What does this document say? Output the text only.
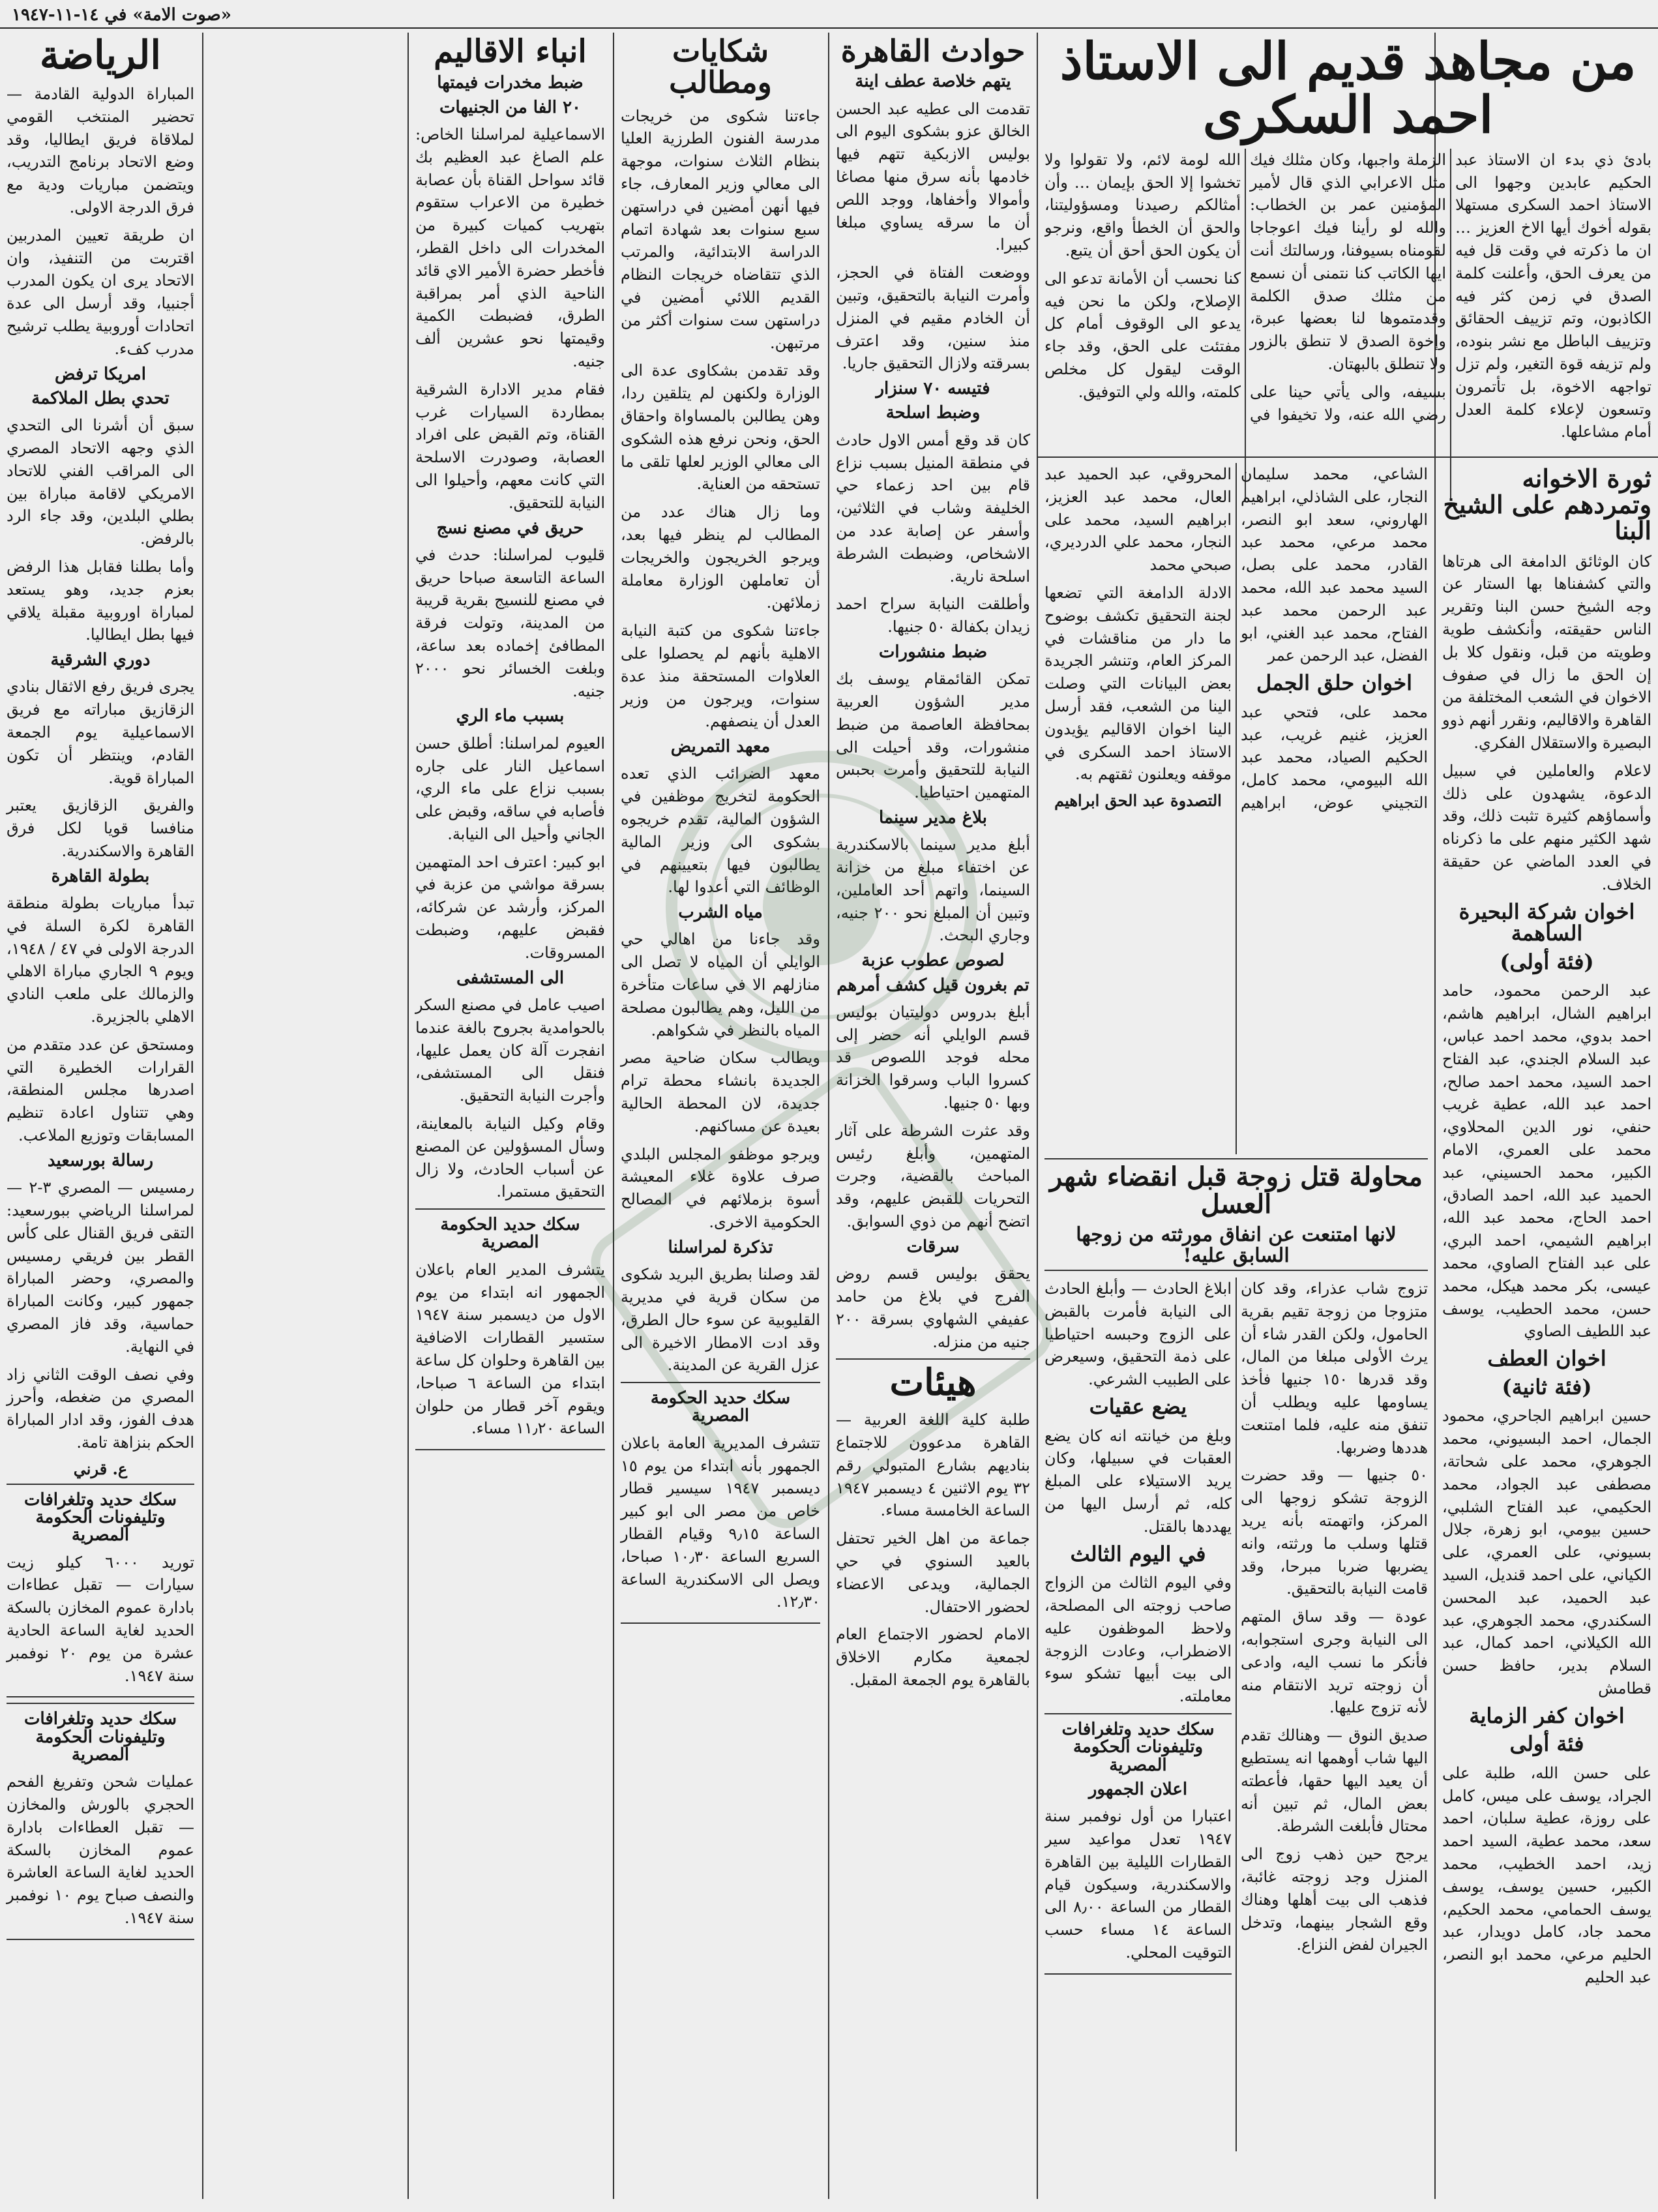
«صوت الامة» في ١٤-١١-١٩٤٧
من مجاهد قديم الى الاستاذ احمد السكرى

بادئ ذي بدء ان الاستاذ عبد الحكيم عابدين وجهوا الى الاستاذ احمد السكرى مستهلا بقوله أخوك أيها الاخ العزيز … ان ما ذكرته في وقت قل فيه من يعرف الحق، وأعلنت كلمة الصدق في زمن كثر فيه الكاذبون، وتم تزييف الحقائق وتزييف الباطل مع نشر بنوده، ولم تزيفه قوة التغير، ولم تزل تواجهه الاخوة، بل تأتمرون وتسعون لإعلاء كلمة العدل أمام مشاعلها.

الزملة واجبها، وكان مثلك فيك مثل الاعرابي الذي قال لأمير المؤمنين عمر بن الخطاب: والله لو رأينا فيك اعوجاجا لقومناه بسيوفنا، ورسالتك أنت ايها الكاتب كنا نتمنى أن نسمع من مثلك صدق الكلمة وقدمتموها لنا بعضها عبرة، وإخوة الصدق لا تنطق بالزور ولا تنطلق بالبهتان.

بسيفه، والى يأتي حينا على رضي الله عنه، ولا تخيفوا في الله لومة لائم، ولا تقولوا ولا تخشوا إلا الحق بإيمان … وأن أمثالكم رصيدنا ومسؤوليتنا، والحق أن الخطأ واقع، ونرجو أن يكون الحق أحق أن يتبع.

كنا نحسب أن الأمانة تدعو الى الإصلاح، ولكن ما نحن فيه يدعو الى الوقوف أمام كل مفتئت على الحق، وقد جاء الوقت ليقول كل مخلص كلمته، والله ولي التوفيق.

ثورة الاخوانه وتمردهم على الشيخ البنا

كان الوثائق الدامغة الى هرتاها والتي كشفناها بها الستار عن وجه الشيخ حسن البنا وتقرير الناس حقيقته، وأنكشف طوية وطويته من قبل، ونقول كلا بل إن الحق ما زال في صفوف الاخوان في الشعب المختلفة من القاهرة والاقاليم، ونقرر أنهم ذوو البصيرة والاستقلال الفكري.

لاعلام والعاملين في سبيل الدعوة، يشهدون على ذلك وأسماؤهم كثيرة تثبت ذلك، وقد شهد الكثير منهم على ما ذكرناه في العدد الماضي عن حقيقة الخلاف.

اخوان شركة البحيرة الساهمة
(فئة أولى)

عبد الرحمن محمود، حامد ابراهيم الشال، ابراهيم هاشم، احمد بدوي، محمد احمد عباس، عبد السلام الجندي، عبد الفتاح احمد السيد، محمد احمد صالح، احمد عبد الله، عطية غريب حنفي، نور الدين المحلاوي، محمد على العمري، الامام الكبير، محمد الحسيني، عبد الحميد عبد الله، احمد الصادق، احمد الحاج، محمد عبد الله، ابراهيم الشيمي، احمد البري، على عبد الفتاح الصاوي، محمد عيسى، بكر محمد هيكل، محمد حسن، محمد الحطيب، يوسف عبد اللطيف الصاوي

اخوان العطف
(فئة ثانية)

حسين ابراهيم الجاحري، محمود الجمال، احمد البسيوني، محمد الجوهري، محمد على شحاتة، مصطفى عبد الجواد، محمد الحكيمي، عبد الفتاح الشلبي، حسين بيومي، ابو زهرة، جلال بسيوني، على العمري، على الكياني، على احمد قنديل، السيد عبد الحميد، عبد المحسن السكندري، محمد الجوهري، عبد الله الكيلاني، احمد كمال، عبد السلام بدير، حافظ حسن قطامش

اخوان كفر الزماية
فئة أولى

على حسن الله، طلبة على الجراد، يوسف على ميس، كامل على روزة، عطية سلبان، احمد سعد، محمد عطية، السيد احمد زيد، احمد الخطيب، محمد الكبير، حسين يوسف، يوسف يوسف الحمامي، محمد الحكيم، محمد جاد، كامل دويدار، عبد الحليم مرعي، محمد ابو النصر، عبد الحليم

الشاعي، محمد سليمان النجار، على الشاذلي، ابراهيم الهاروني، سعد ابو النصر، محمد مرعي، محمد عبد القادر، محمد على بصل، السيد محمد عبد الله، محمد عبد الرحمن محمد عبد الفتاح، محمد عبد الغني، ابو الفضل، عبد الرحمن عمر

اخوان حلق الجمل

محمد على، فتحي عبد العزيز، غنيم غريب، عبد الحكيم الصياد، محمد عبد الله البيومي، محمد كامل، التجيني عوض، ابراهيم المحروقي، عبد الحميد عبد العال، محمد عبد العزيز، ابراهيم السيد، محمد على النجار، محمد علي الدرديري، صبحي محمد

الادلة الدامغة التي تضعها لجنة التحقيق تكشف بوضوح ما دار من مناقشات في المركز العام، وتنشر الجريدة بعض البيانات التي وصلت الينا من الشعب، فقد أرسل الينا اخوان الاقاليم يؤيدون الاستاذ احمد السكرى في موقفه ويعلنون ثقتهم به.

التصدوة عبد الحق ابراهيم
محاولة قتل زوجة قبل انقضاء شهر العسل
لانها امتنعت عن انفاق مورثته من زوجها السابق عليه!

تزوج شاب عذراء، وقد كان متزوجا من زوجة تقيم بقرية الحامول، ولكن القدر شاء أن يرث الأولى مبلغا من المال، وقد قدرها ١٥٠ جنيها فأخذ يساومها عليه ويطلب أن تنفق منه عليه، فلما امتنعت هددها وضربها.

٥٠ جنيها — وقد حضرت الزوجة تشكو زوجها الى المركز، واتهمته بأنه يريد قتلها وسلب ما ورثته، وانه يضربها ضربا مبرحا، وقد قامت النيابة بالتحقيق.

عودة — وقد ساق المتهم الى النيابة وجرى استجوابه، فأنكر ما نسب اليه، وادعى أن زوجته تريد الانتقام منه لأنه تزوج عليها.

صديق النوق — وهنالك تقدم اليها شاب أوهمها انه يستطيع أن يعيد اليها حقها، فأعطته بعض المال، ثم تبين أنه محتال فأبلغت الشرطة.

يرجح حين ذهب زوج الى المنزل وجد زوجته غائبة، فذهب الى بيت أهلها وهناك وقع الشجار بينهما، وتدخل الجيران لفض النزاع.

ابلاغ الحادث — وأبلغ الحادث الى النيابة فأمرت بالقبض على الزوج وحبسه احتياطيا على ذمة التحقيق، وسيعرض على الطبيب الشرعي.

يضع عقيات

وبلغ من خيانته انه كان يضع العقبات في سبيلها، وكان يريد الاستيلاء على المبلغ كله، ثم أرسل اليها من يهددها بالقتل.

في اليوم الثالث

وفي اليوم الثالث من الزواج صاحب زوجته الى المصلحة، ولاحظ الموظفون عليه الاضطراب، وعادت الزوجة الى بيت أبيها تشكو سوء معاملته.

سكك حديد وتلغرافات وتليفونات الحكومة المصرية
اعلان الجمهور

اعتبارا من أول نوفمبر سنة ١٩٤٧ تعدل مواعيد سير القطارات الليلية بين القاهرة والاسكندرية، وسيكون قيام القطار من الساعة ٨٫٠٠ الى الساعة ١٤ مساء حسب التوقيت المحلي.

حوادث القاهرة
يتهم خلاصة عطف اينة

تقدمت الى عطيه عبد الحسن الخالق عزو بشكوى اليوم الى بوليس الازبكية تتهم فيها خادمها بأنه سرق منها مصاغا وأموالا وأخفاها، ووجد اللص أن ما سرقه يساوي مبلغا كبيرا.

ووضعت الفتاة في الحجز، وأمرت النيابة بالتحقيق، وتبين أن الخادم مقيم في المنزل منذ سنين، وقد اعترف بسرقته ولازال التحقيق جاريا.

فتيسه ٧٠ سنزار
وضبط اسلحة

كان قد وقع أمس الاول حادث في منطقة المنيل بسبب نزاع قام بين احد زعماء حي الخليفة وشاب في الثلاثين، وأسفر عن إصابة عدد من الاشخاص، وضبطت الشرطة اسلحة نارية.

وأطلقت النيابة سراح احمد زيدان بكفالة ٥٠ جنيها.

ضبط منشورات

تمكن القائمقام يوسف بك مدير الشؤون العربية بمحافظة العاصمة من ضبط منشورات، وقد أحيلت الى النيابة للتحقيق وأمرت بحبس المتهمين احتياطيا.

بلاغ مدير سينما

أبلغ مدير سينما بالاسكندرية عن اختفاء مبلغ من خزانة السينما، واتهم أحد العاملين، وتبين أن المبلغ نحو ٢٠٠ جنيه، وجاري البحث.

لصوص عطوب عزبة
تم بغرون قيل كشف أمرهم

أبلغ بدروس دوليتيان بوليس قسم الوايلي أنه حضر إلى محله فوجد اللصوص قد كسروا الباب وسرقوا الخزانة وبها ٥٠ جنيها.

وقد عثرت الشرطة على آثار المتهمين، وأبلغ رئيس المباحث بالقضية، وجرت التحريات للقبض عليهم، وقد اتضح أنهم من ذوي السوابق.

سرقات

يحقق بوليس قسم روض الفرج في بلاغ من حامد عفيفي الشهاوي بسرقة ٢٠٠ جنيه من منزله.

هيئات

طلبة كلية اللغة العربية — القاهرة مدعوون للاجتماع بناديهم بشارع المتبولي رقم ٣٢ يوم الاثنين ٤ ديسمبر ١٩٤٧ الساعة الخامسة مساء.

جماعة من اهل الخير تحتفل بالعيد السنوي في حي الجمالية، ويدعى الاعضاء لحضور الاحتفال.

الامام لحضور الاجتماع العام لجمعية مكارم الاخلاق بالقاهرة يوم الجمعة المقبل.

شكايات ومطالب

جاءتنا شكوى من خريجات مدرسة الفنون الطرزية العليا بنظام الثلاث سنوات، موجهة الى معالي وزير المعارف، جاء فيها أنهن أمضين في دراستهن سبع سنوات بعد شهادة اتمام الدراسة الابتدائية، والمرتب الذي تتقاضاه خريجات النظام القديم اللائي أمضين في دراستهن ست سنوات أكثر من مرتبهن.

وقد تقدمن بشكاوى عدة الى الوزارة ولكنهن لم يتلقين ردا، وهن يطالبن بالمساواة واحقاق الحق، ونحن نرفع هذه الشكوى الى معالي الوزير لعلها تلقى ما تستحقه من العناية.

وما زال هناك عدد من المطالب لم ينظر فيها بعد، ويرجو الخريجون والخريجات أن تعاملهن الوزارة معاملة زملائهن.

جاءتنا شكوى من كتبة النيابة الاهلية بأنهم لم يحصلوا على العلاوات المستحقة منذ عدة سنوات، ويرجون من وزير العدل أن ينصفهم.

معهد التمريض

معهد الضرائب الذي تعده الحكومة لتخريج موظفين في الشؤون المالية، تقدم خريجوه بشكوى الى وزير المالية يطالبون فيها بتعيينهم في الوظائف التي أعدوا لها.

مياه الشرب

وقد جاءنا من اهالي حي الوايلي أن المياه لا تصل الى منازلهم الا في ساعات متأخرة من الليل، وهم يطالبون مصلحة المياه بالنظر في شكواهم.

ويطالب سكان ضاحية مصر الجديدة بانشاء محطة ترام جديدة، لان المحطة الحالية بعيدة عن مساكنهم.

ويرجو موظفو المجلس البلدي صرف علاوة غلاء المعيشة أسوة بزملائهم في المصالح الحكومية الاخرى.

تذكرة لمراسلنا

لقد وصلنا بطريق البريد شكوى من سكان قرية في مديرية القليوبية عن سوء حال الطرق، وقد ادت الامطار الاخيرة الى عزل القرية عن المدينة.

سكك حديد الحكومة المصرية

تتشرف المديرية العامة باعلان الجمهور بأنه ابتداء من يوم ١٥ ديسمبر ١٩٤٧ سيسير قطار خاص من مصر الى ابو كبير الساعة ٩٫١٥ وقيام القطار السريع الساعة ١٠٫٣٠ صباحا، ويصل الى الاسكندرية الساعة ١٢٫٣٠.

انباء الاقاليم
ضبط مخدرات فيمتها
٢٠ الفا من الجنيهات

الاسماعيلية لمراسلنا الخاص: علم الصاغ عبد العظيم بك قائد سواحل القناة بأن عصابة خطيرة من الاعراب ستقوم بتهريب كميات كبيرة من المخدرات الى داخل القطر، فأخطر حضرة الأمير الاي قائد الناحية الذي أمر بمراقبة الطرق، فضبطت الكمية وقيمتها نحو عشرين ألف جنيه.

فقام مدير الادارة الشرقية بمطاردة السيارات غرب القناة، وتم القبض على افراد العصابة، وصودرت الاسلحة التي كانت معهم، وأحيلوا الى النيابة للتحقيق.

حريق في مصنع نسج

قليوب لمراسلنا: حدث في الساعة التاسعة صباحا حريق في مصنع للنسيج بقرية قريبة من المدينة، وتولت فرقة المطافئ إخماده بعد ساعة، وبلغت الخسائر نحو ٢٠٠٠ جنيه.

بسبب ماء الري

العيوم لمراسلنا: أطلق حسن اسماعيل النار على جاره بسبب نزاع على ماء الري، فأصابه في ساقه، وقبض على الجاني وأحيل الى النيابة.

ابو كبير: اعترف احد المتهمين بسرقة مواشي من عزبة في المركز، وأرشد عن شركائه، فقبض عليهم، وضبطت المسروقات.

الى المستشفى

اصيب عامل في مصنع السكر بالحوامدية بجروح بالغة عندما انفجرت آلة كان يعمل عليها، فنقل الى المستشفى، وأجرت النيابة التحقيق.

وقام وكيل النيابة بالمعاينة، وسأل المسؤولين عن المصنع عن أسباب الحادث، ولا زال التحقيق مستمرا.

سكك حديد الحكومة المصرية

يتشرف المدير العام باعلان الجمهور انه ابتداء من يوم الاول من ديسمبر سنة ١٩٤٧ ستسير القطارات الاضافية بين القاهرة وحلوان كل ساعة ابتداء من الساعة ٦ صباحا، ويقوم آخر قطار من حلوان الساعة ١١٫٢٠ مساء.

الرياضة

المباراة الدولية القادمة — تحضير المنتخب القومي لملاقاة فريق ايطاليا، وقد وضع الاتحاد برنامج التدريب، ويتضمن مباريات ودية مع فرق الدرجة الاولى.

ان طريقة تعيين المدربين اقتربت من التنفيذ، وان الاتحاد يرى ان يكون المدرب أجنبيا، وقد أرسل الى عدة اتحادات أوروبية يطلب ترشيح مدرب كفء.

امريكا ترفض
تحدي بطل الملاكمة

سبق أن أشرنا الى التحدي الذي وجهه الاتحاد المصري الى المراقب الفني للاتحاد الامريكي لاقامة مباراة بين بطلي البلدين، وقد جاء الرد بالرفض.

وأما بطلنا فقابل هذا الرفض بعزم جديد، وهو يستعد لمباراة اوروبية مقبلة يلاقي فيها بطل ايطاليا.

دوري الشرقية

يجرى فريق رفع الاثقال بنادي الزقازيق مباراته مع فريق الاسماعيلية يوم الجمعة القادم، وينتظر أن تكون المباراة قوية.

والفريق الزقازيق يعتبر منافسا قويا لكل فرق القاهرة والاسكندرية.

بطولة القاهرة

تبدأ مباريات بطولة منطقة القاهرة لكرة السلة في الدرجة الاولى في ٤٧ / ١٩٤٨، ويوم ٩ الجاري مباراة الاهلي والزمالك على ملعب النادي الاهلي بالجزيرة.

ومستحق عن عدد متقدم من القرارات الخطيرة التي اصدرها مجلس المنطقة، وهي تتناول اعادة تنظيم المسابقات وتوزيع الملاعب.

رسالة بورسعيد

رمسيس — المصري ٣-٢ — لمراسلنا الرياضي ببورسعيد: التقى فريق القنال على كأس القطر بين فريقي رمسيس والمصري، وحضر المباراة جمهور كبير، وكانت المباراة حماسية، وقد فاز المصري في النهاية.

وفي نصف الوقت الثاني زاد المصري من ضغطه، وأحرز هدف الفوز، وقد ادار المباراة الحكم بنزاهة تامة.

ع. قرني
سكك حديد وتلغرافات وتليفونات الحكومة المصرية

توريد ٦٠٠٠ كيلو زيت سيارات — تقبل عطاءات بادارة عموم المخازن بالسكة الحديد لغاية الساعة الحادية عشرة من يوم ٢٠ نوفمبر سنة ١٩٤٧.

سكك حديد وتلغرافات وتليفونات الحكومة المصرية

عمليات شحن وتفريغ الفحم الحجري بالورش والمخازن — تقبل العطاءات بادارة عموم المخازن بالسكة الحديد لغاية الساعة العاشرة والنصف صباح يوم ١٠ نوفمبر سنة ١٩٤٧.
